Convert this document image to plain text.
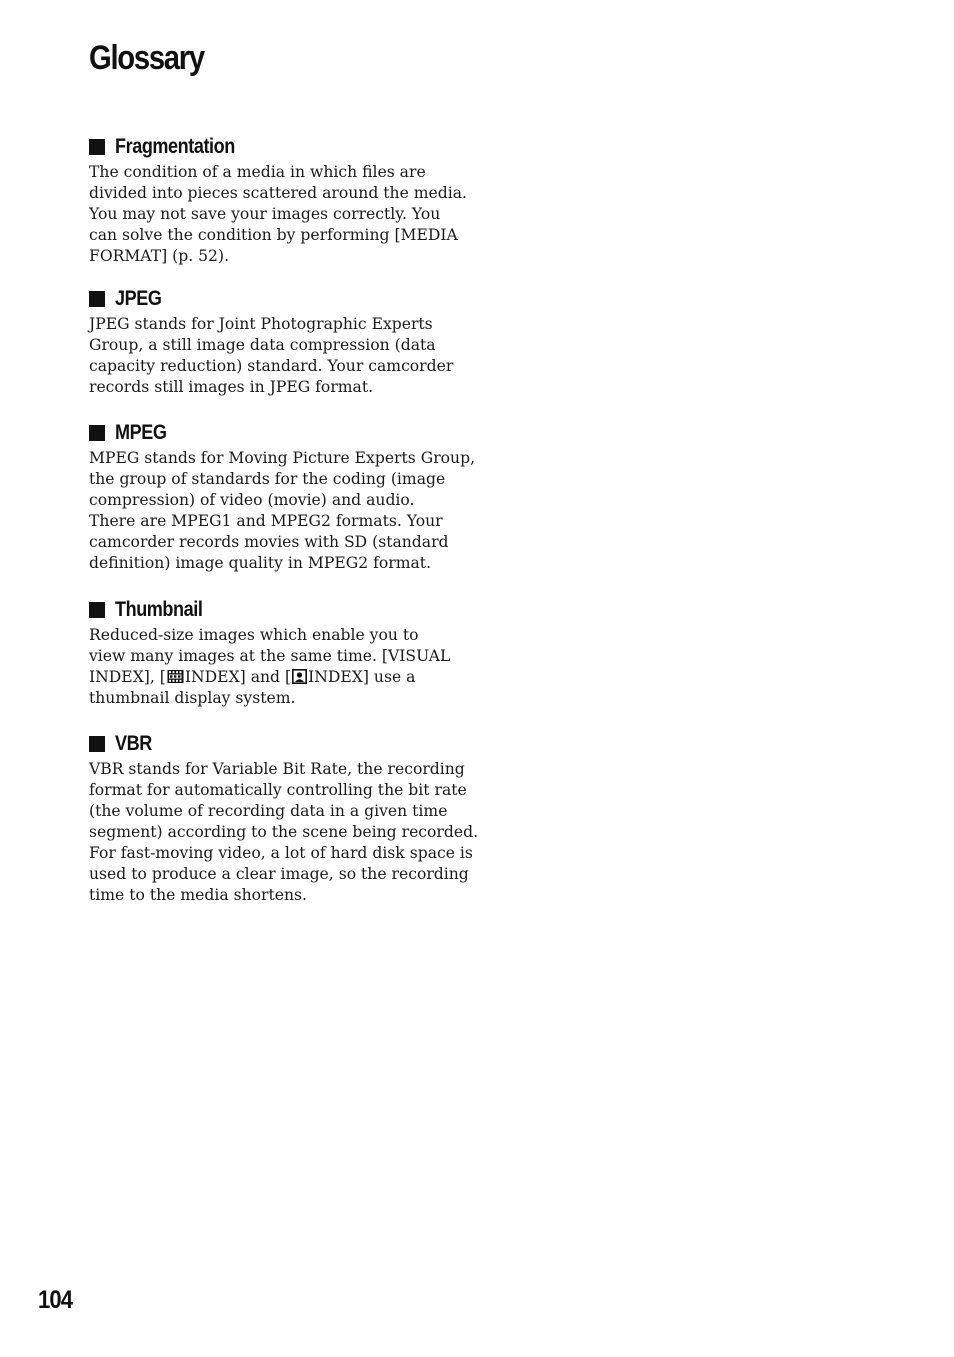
Glossary
Fragmentation

The condition of a media in which files are
divided into pieces scattered around the media.
You may not save your images correctly. You
can solve the condition by performing [MEDIA
FORMAT] (p. 52).

JPEG

JPEG stands for Joint Photographic Experts
Group, a still image data compression (data
capacity reduction) standard. Your camcorder
records still images in JPEG format.

MPEG

MPEG stands for Moving Picture Experts Group,
the group of standards for the coding (image
compression) of video (movie) and audio.
There are MPEG1 and MPEG2 formats. Your
camcorder records movies with SD (standard
definition) image quality in MPEG2 format.

Thumbnail

Reduced-size images which enable you to
view many images at the same time. [VISUAL
INDEX], [ INDEX] and [ INDEX] use a
thumbnail display system.

VBR

VBR stands for Variable Bit Rate, the recording
format for automatically controlling the bit rate
(the volume of recording data in a given time
segment) according to the scene being recorded.
For fast-moving video, a lot of hard disk space is
used to produce a clear image, so the recording
time to the media shortens.

104
